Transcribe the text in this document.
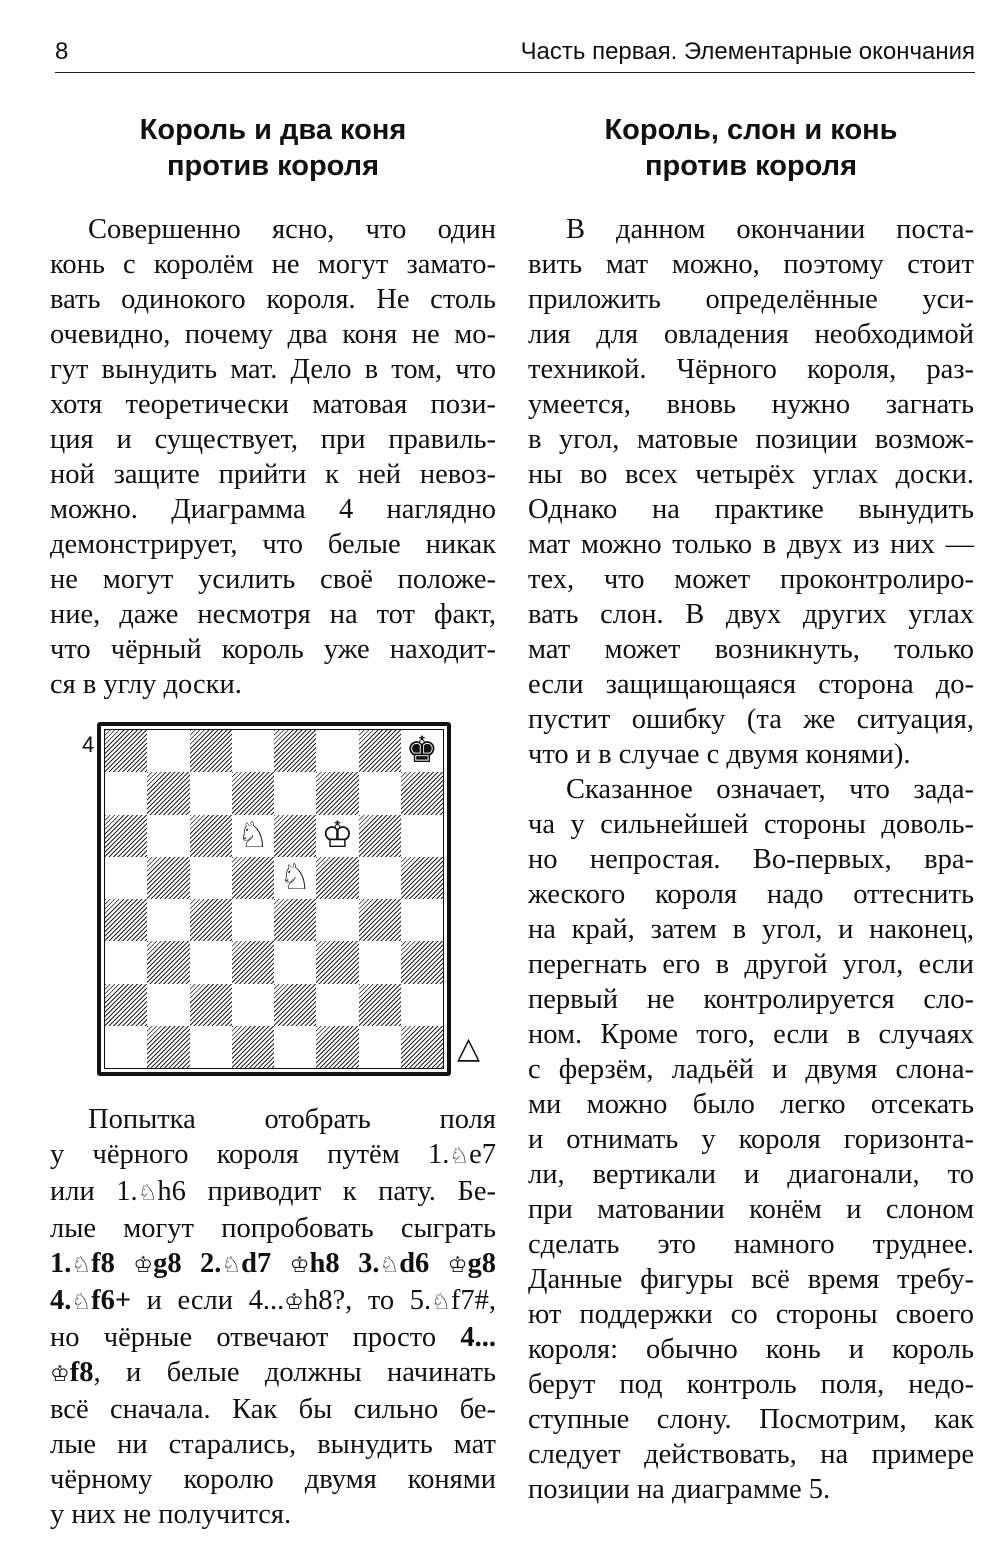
8	Часть первая. Элементарные окончания
Король и два коня
против короля
Совершенно ясно, что один
конь с королём не могут замато-
вать одинокого короля. Не столь
очевидно, почему два коня не мо-
гут вынудить мат. Дело в том, что
хотя теоретически матовая пози-
ция и существует, при правиль-
ной защите прийти к ней невоз-
можно. Диаграмма 4 наглядно
демонстрирует, что белые никак
не могут усилить своё положе-
ние, даже несмотря на тот факт,
что чёрный король уже находит-
ся в углу доски.
4	♚
♘ ♔
♘
△
Попытка отобрать поля
у чёрного короля путём 1.♘e7
или 1.♘h6 приводит к пату. Бе-
лые могут попробовать сыграть
1.♘f8 ♔g8 2.♘d7 ♔h8 3.♘d6 ♔g8
4.♘f6+ и если 4...♔h8?, то 5.♘f7#,
но чёрные отвечают просто 4...
♔f8, и белые должны начинать
всё сначала. Как бы сильно бе-
лые ни старались, вынудить мат
чёрному королю двумя конями
у них не получится.
Король, слон и конь
против короля
В данном окончании поста-
вить мат можно, поэтому стоит
приложить определённые уси-
лия для овладения необходимой
техникой. Чёрного короля, раз-
умеется, вновь нужно загнать
в угол, матовые позиции возмож-
ны во всех четырёх углах доски.
Однако на практике вынудить
мат можно только в двух из них —
тех, что может проконтролиро-
вать слон. В двух других углах
мат может возникнуть, только
если защищающаяся сторона до-
пустит ошибку (та же ситуация,
что и в случае с двумя конями).
Сказанное означает, что зада-
ча у сильнейшей стороны доволь-
но непростая. Во-первых, вра-
жеского короля надо оттеснить
на край, затем в угол, и наконец,
перегнать его в другой угол, если
первый не контролируется сло-
ном. Кроме того, если в случаях
с ферзём, ладьёй и двумя слона-
ми можно было легко отсекать
и отнимать у короля горизонта-
ли, вертикали и диагонали, то
при матовании конём и слоном
сделать это намного труднее.
Данные фигуры всё время требу-
ют поддержки со стороны своего
короля: обычно конь и король
берут под контроль поля, недо-
ступные слону. Посмотрим, как
следует действовать, на примере
позиции на диаграмме 5.
